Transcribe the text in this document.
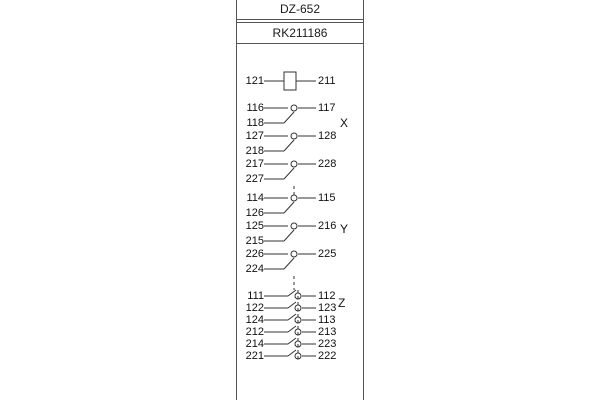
DZ-652
RK211186
121
116
118
127
218
217
227
114
126
125
215
226
224
111
122
124
212
214
221
211
117
128
228
115
216
225
112
123
113
213
223
222
X
Y
Z
